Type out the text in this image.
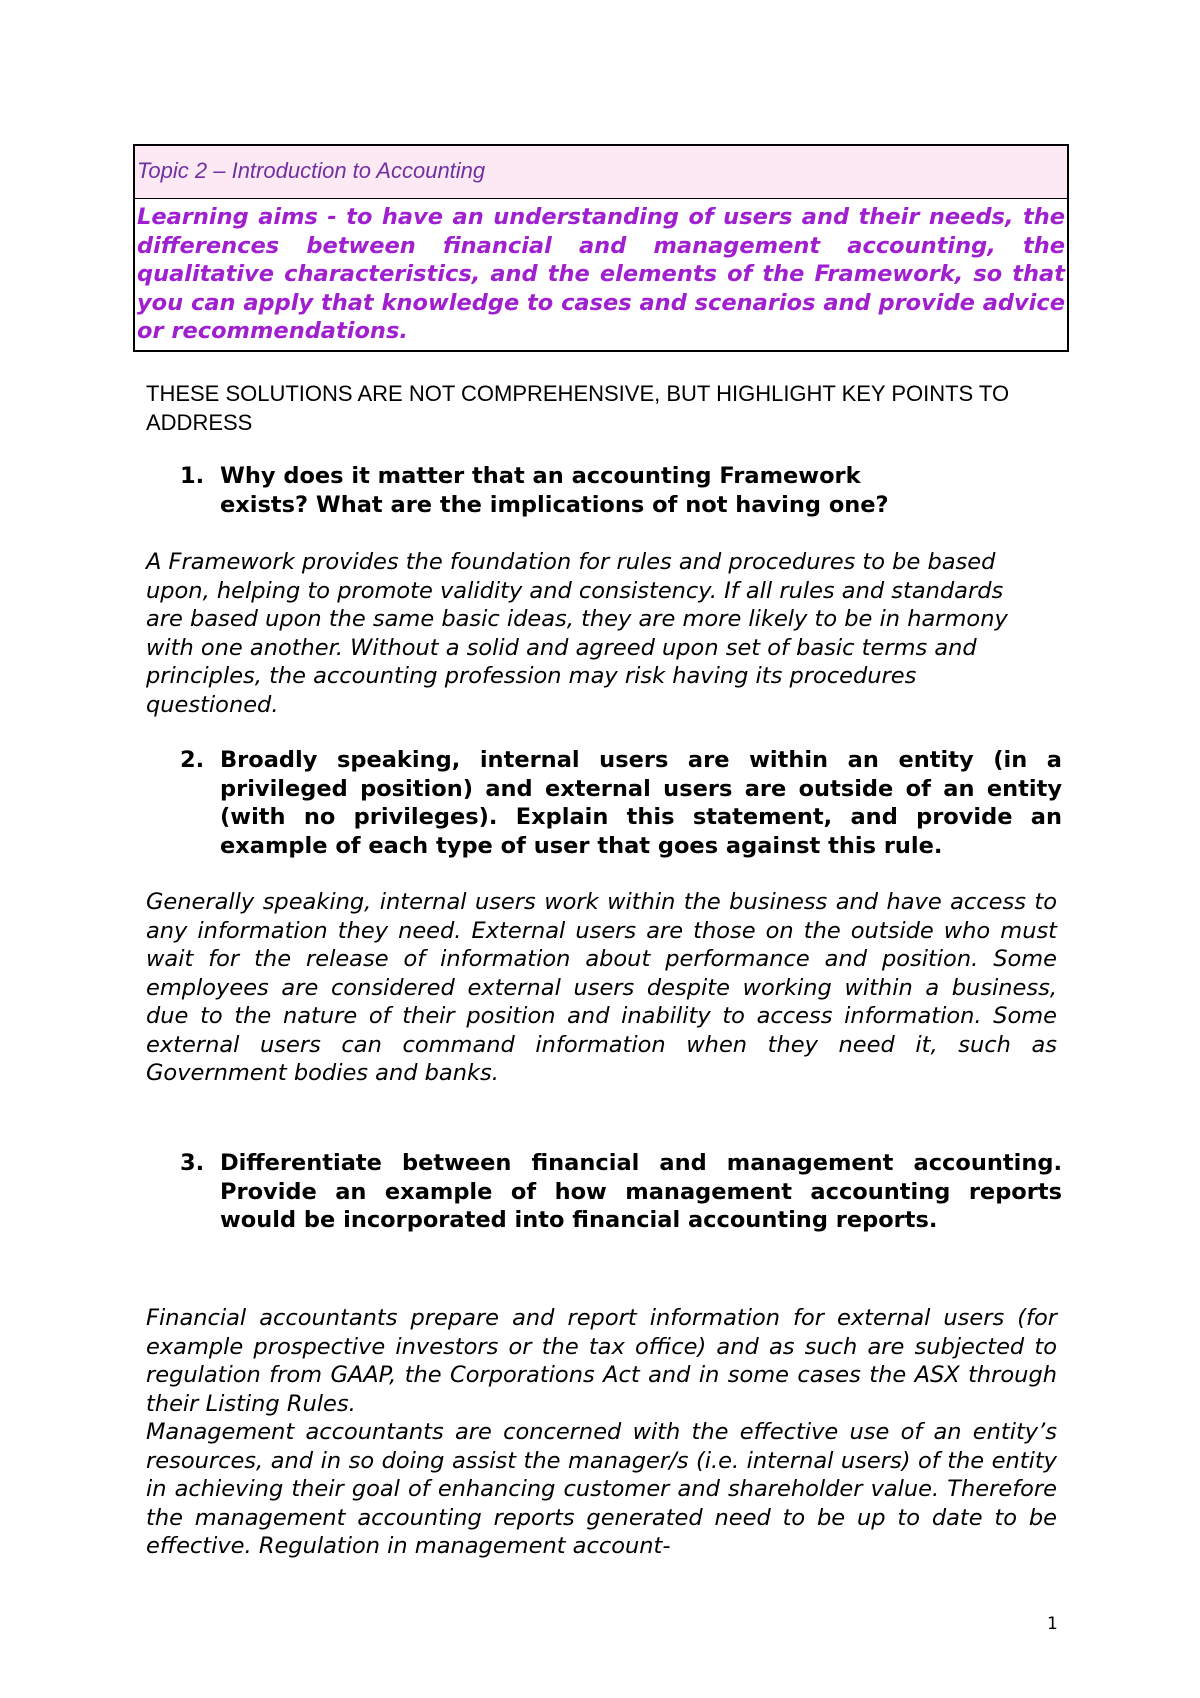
Topic 2 – Introduction to Accounting
Learning aims - to have an understanding of users and their needs, the differences between financial and management accounting, the qualitative characteristics, and the elements of the Framework, so that you can apply that knowledge to cases and scenarios and provide advice or recommendations.
THESE SOLUTIONS ARE NOT COMPREHENSIVE, BUT HIGHLIGHT KEY POINTS TO ADDRESS
1. Why does it matter that an accounting Framework exists? What are the implications of not having one?

A Framework provides the foundation for rules and procedures to be based upon, helping to promote validity and consistency. If all rules and standards are based upon the same basic ideas, they are more likely to be in harmony with one another. Without a solid and agreed upon set of basic terms and principles, the accounting profession may risk having its procedures questioned.

2. Broadly speaking, internal users are within an entity (in a privileged position) and external users are outside of an entity (with no privileges). Explain this statement, and provide an example of each type of user that goes against this rule.

Generally speaking, internal users work within the business and have access to any information they need. External users are those on the outside who must wait for the release of information about performance and position. Some employees are considered external users despite working within a business, due to the nature of their position and inability to access information. Some external users can command information when they need it, such as Government bodies and banks.

3. Differentiate between financial and management accounting. Provide an example of how management accounting reports would be incorporated into financial accounting reports.

Financial accountants prepare and report information for external users (for example prospective investors or the tax office) and as such are subjected to regulation from GAAP, the Corporations Act and in some cases the ASX through their Listing Rules.

Management accountants are concerned with the effective use of an entity’s resources, and in so doing assist the manager/s (i.e. internal users) of the entity in achieving their goal of enhancing customer and shareholder value. Therefore the management accounting reports generated need to be up to date to be effective. Regulation in management account-

1
